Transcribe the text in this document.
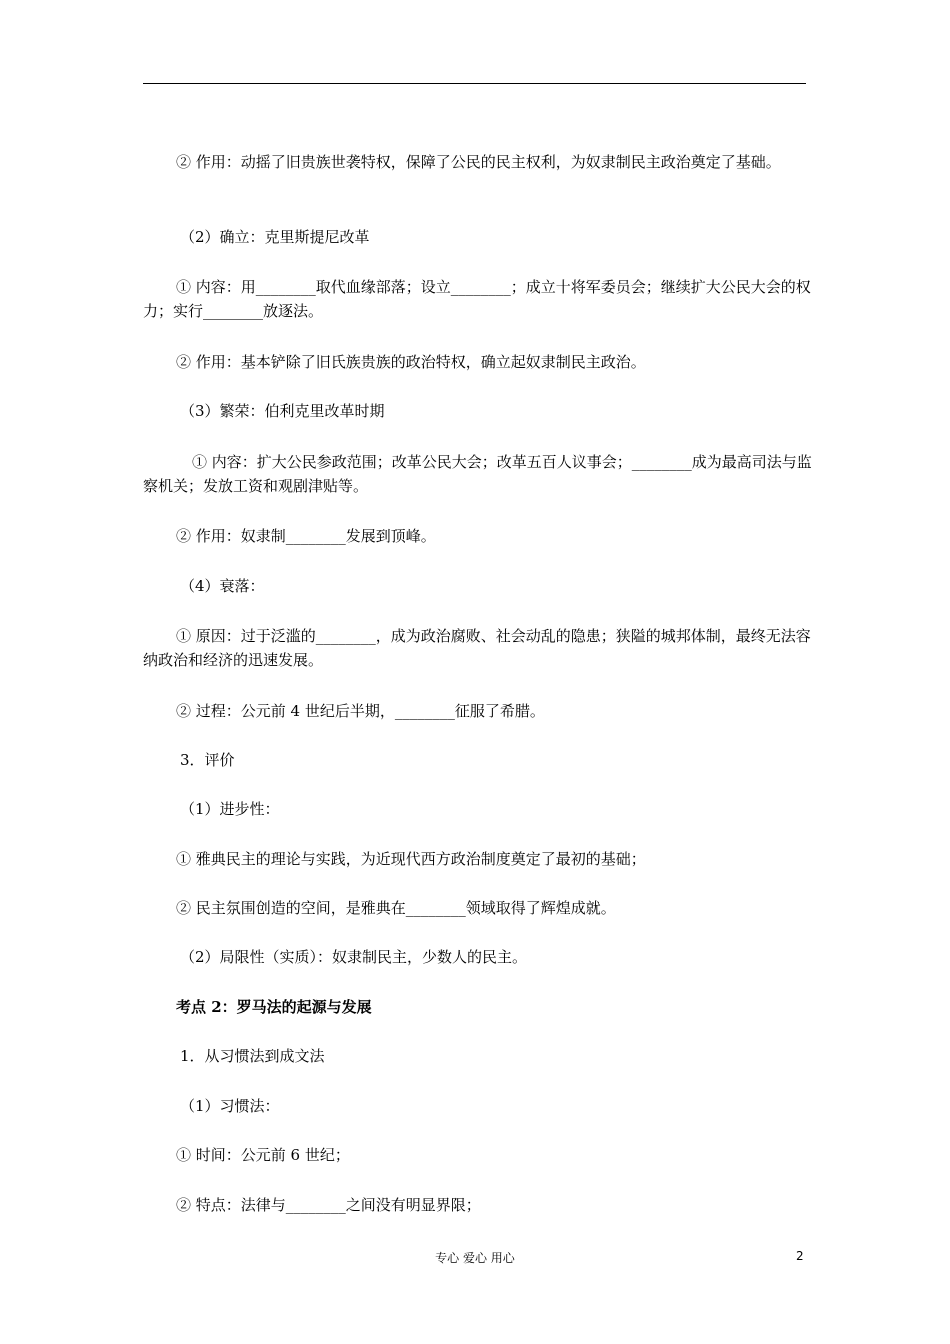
② 作用：动摇了旧贵族世袭特权，保障了公民的民主权利，为奴隶制民主政治奠定了基础。
（2）确立：克里斯提尼改革
① 内容：用________取代血缘部落；设立________；成立十将军委员会；继续扩大公民大会的权力；实行________放逐法。
② 作用：基本铲除了旧氏族贵族的政治特权，确立起奴隶制民主政治。
（3）繁荣：伯利克里改革时期
① 内容：扩大公民参政范围；改革公民大会；改革五百人议事会；________成为最高司法与监察机关；发放工资和观剧津贴等。
② 作用：奴隶制________发展到顶峰。
（4）衰落：
① 原因：过于泛滥的________，成为政治腐败、社会动乱的隐患；狭隘的城邦体制，最终无法容纳政治和经济的迅速发展。
② 过程：公元前 4 世纪后半期，________征服了希腊。
3．评价
（1）进步性：
① 雅典民主的理论与实践，为近现代西方政治制度奠定了最初的基础；
② 民主氛围创造的空间，是雅典在________领域取得了辉煌成就。
（2）局限性（实质）：奴隶制民主，少数人的民主。
考点 2：罗马法的起源与发展
1．从习惯法到成文法
（1）习惯法：
① 时间：公元前 6 世纪；
② 特点：法律与________之间没有明显界限；
专心 爱心 用心	2
